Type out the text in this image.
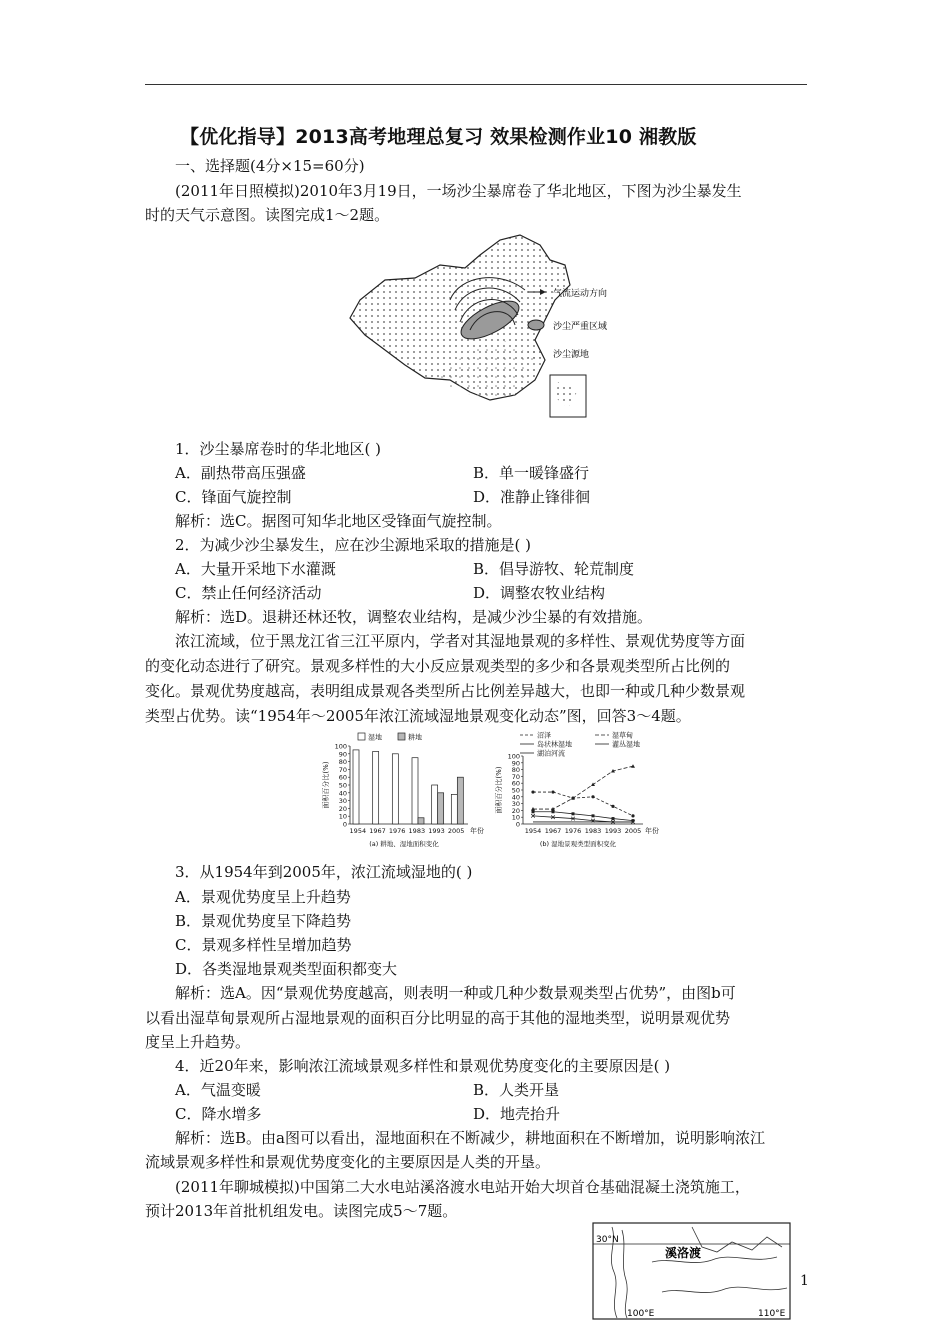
【优化指导】2013高考地理总复习 效果检测作业10 湘教版
一、选择题(4分×15=60分)
(2011年日照模拟)2010年3月19日，一场沙尘暴席卷了华北地区，下图为沙尘暴发生
时的天气示意图。读图完成1～2题。
气流运动方向
沙尘严重区域
沙尘源地
1．沙尘暴席卷时的华北地区( )
A．副热带高压强盛	B．单一暖锋盛行
C．锋面气旋控制	D．准静止锋徘徊
解析：选C。据图可知华北地区受锋面气旋控制。
2．为减少沙尘暴发生，应在沙尘源地采取的措施是( )
A．大量开采地下水灌溉	B．倡导游牧、轮荒制度
C．禁止任何经济活动	D．调整农牧业结构
解析：选D。退耕还林还牧，调整农业结构，是减少沙尘暴的有效措施。
浓江流域，位于黑龙江省三江平原内，学者对其湿地景观的多样性、景观优势度等方面
的变化动态进行了研究。景观多样性的大小反应景观类型的多少和各景观类型所占比例的
变化。景观优势度越高，表明组成景观各类型所占比例差异越大，也即一种或几种少数景观
类型占优势。读“1954年～2005年浓江流域湿地景观变化动态”图，回答3～4题。
0
10
20
30
40
50
60
70
80
90
100
面积百分比(%)
年份
(a) 耕地、湿地面积变化
1954 1967 1976 1983 1993 2005
湿地	耕地
0
10
20
30
40
50
60
70
80
90
100
面积百分比(%)
年份
(b) 湿地景观类型面积变化
1954 1967 1976 1983 1993 2005
沼泽	湿草甸
岛状林湿地	灌丛湿地
湖泊河流
3．从1954年到2005年，浓江流域湿地的( )
A．景观优势度呈上升趋势
B．景观优势度呈下降趋势
C．景观多样性呈增加趋势
D．各类湿地景观类型面积都变大
解析：选A。因“景观优势度越高，则表明一种或几种少数景观类型占优势”，由图b可
以看出湿草甸景观所占湿地景观的面积百分比明显的高于其他的湿地类型，说明景观优势
度呈上升趋势。
4．近20年来，影响浓江流域景观多样性和景观优势度变化的主要原因是( )
A．气温变暖	B．人类开垦
C．降水增多	D．地壳抬升
解析：选B。由a图可以看出，湿地面积在不断减少，耕地面积在不断增加，说明影响浓江
流域景观多样性和景观优势度变化的主要原因是人类的开垦。
(2011年聊城模拟)中国第二大水电站溪洛渡水电站开始大坝首仓基础混凝土浇筑施工，
预计2013年首批机组发电。读图完成5～7题。
30°N
溪洛渡
100°E	110°E
1
